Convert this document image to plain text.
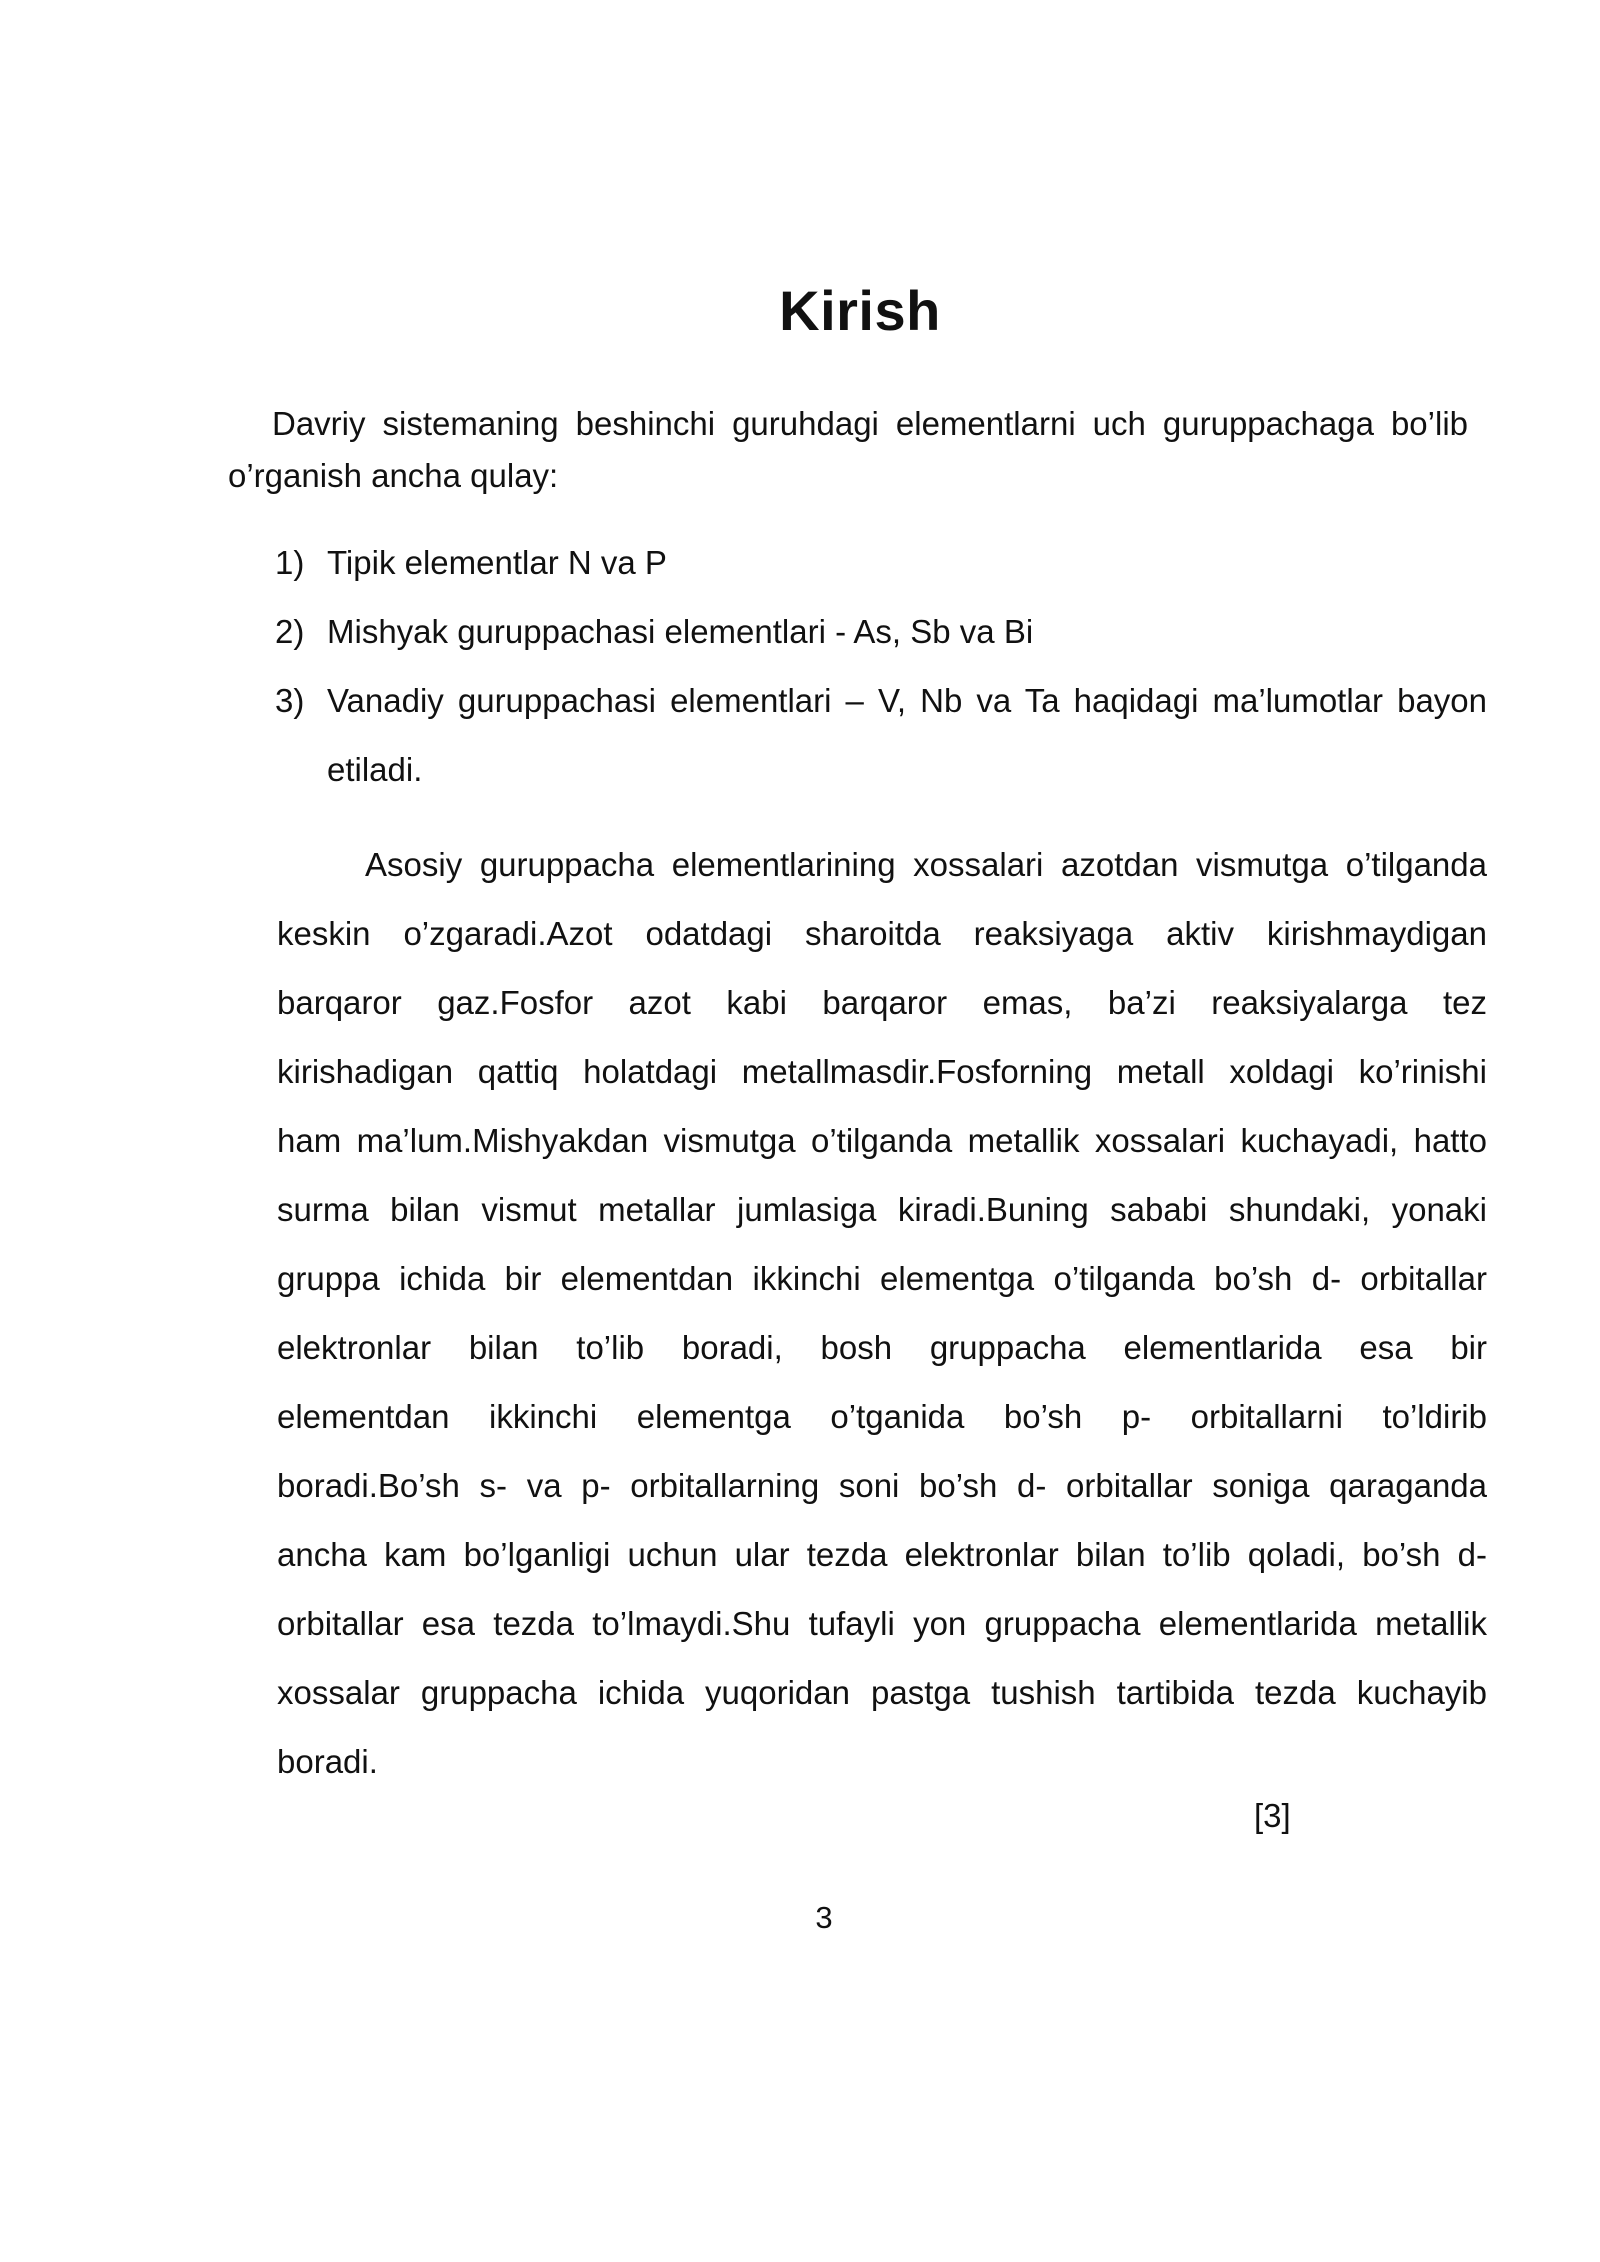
Kirish
Davriy sistemaning beshinchi guruhdagi elementlarni uch guruppachaga bo’lib o’rganish ancha qulay:
1) Tipik elementlar N va P
2) Mishyak guruppachasi elementlari - As, Sb va Bi
3) Vanadiy guruppachasi elementlari – V, Nb va Ta haqidagi ma’lumotlar bayon etiladi.
Asosiy guruppacha elementlarining xossalari azotdan vismutga o’tilganda keskin o’zgaradi.Azot odatdagi sharoitda reaksiyaga aktiv kirishmaydigan barqaror gaz.Fosfor azot kabi barqaror emas, ba’zi reaksiyalarga tez kirishadigan qattiq holatdagi metallmasdir.Fosforning metall xoldagi ko’rinishi ham ma’lum.Mishyakdan vismutga o’tilganda metallik xossalari kuchayadi, hatto surma bilan vismut metallar jumlasiga kiradi.Buning sababi shundaki, yonaki gruppa ichida bir elementdan ikkinchi elementga o’tilganda bo’sh d- orbitallar elektronlar bilan to’lib boradi, bosh gruppacha elementlarida esa bir elementdan ikkinchi elementga o’tganida bo’sh p- orbitallarni to’ldirib boradi.Bo’sh s- va p- orbitallarning soni bo’sh d- orbitallar soniga qaraganda ancha kam bo’lganligi uchun ular tezda elektronlar bilan to’lib qoladi, bo’sh d- orbitallar esa tezda to’lmaydi.Shu tufayli yon gruppacha elementlarida metallik xossalar gruppacha ichida yuqoridan pastga tushish tartibida tezda kuchayib boradi.
[3]
3
